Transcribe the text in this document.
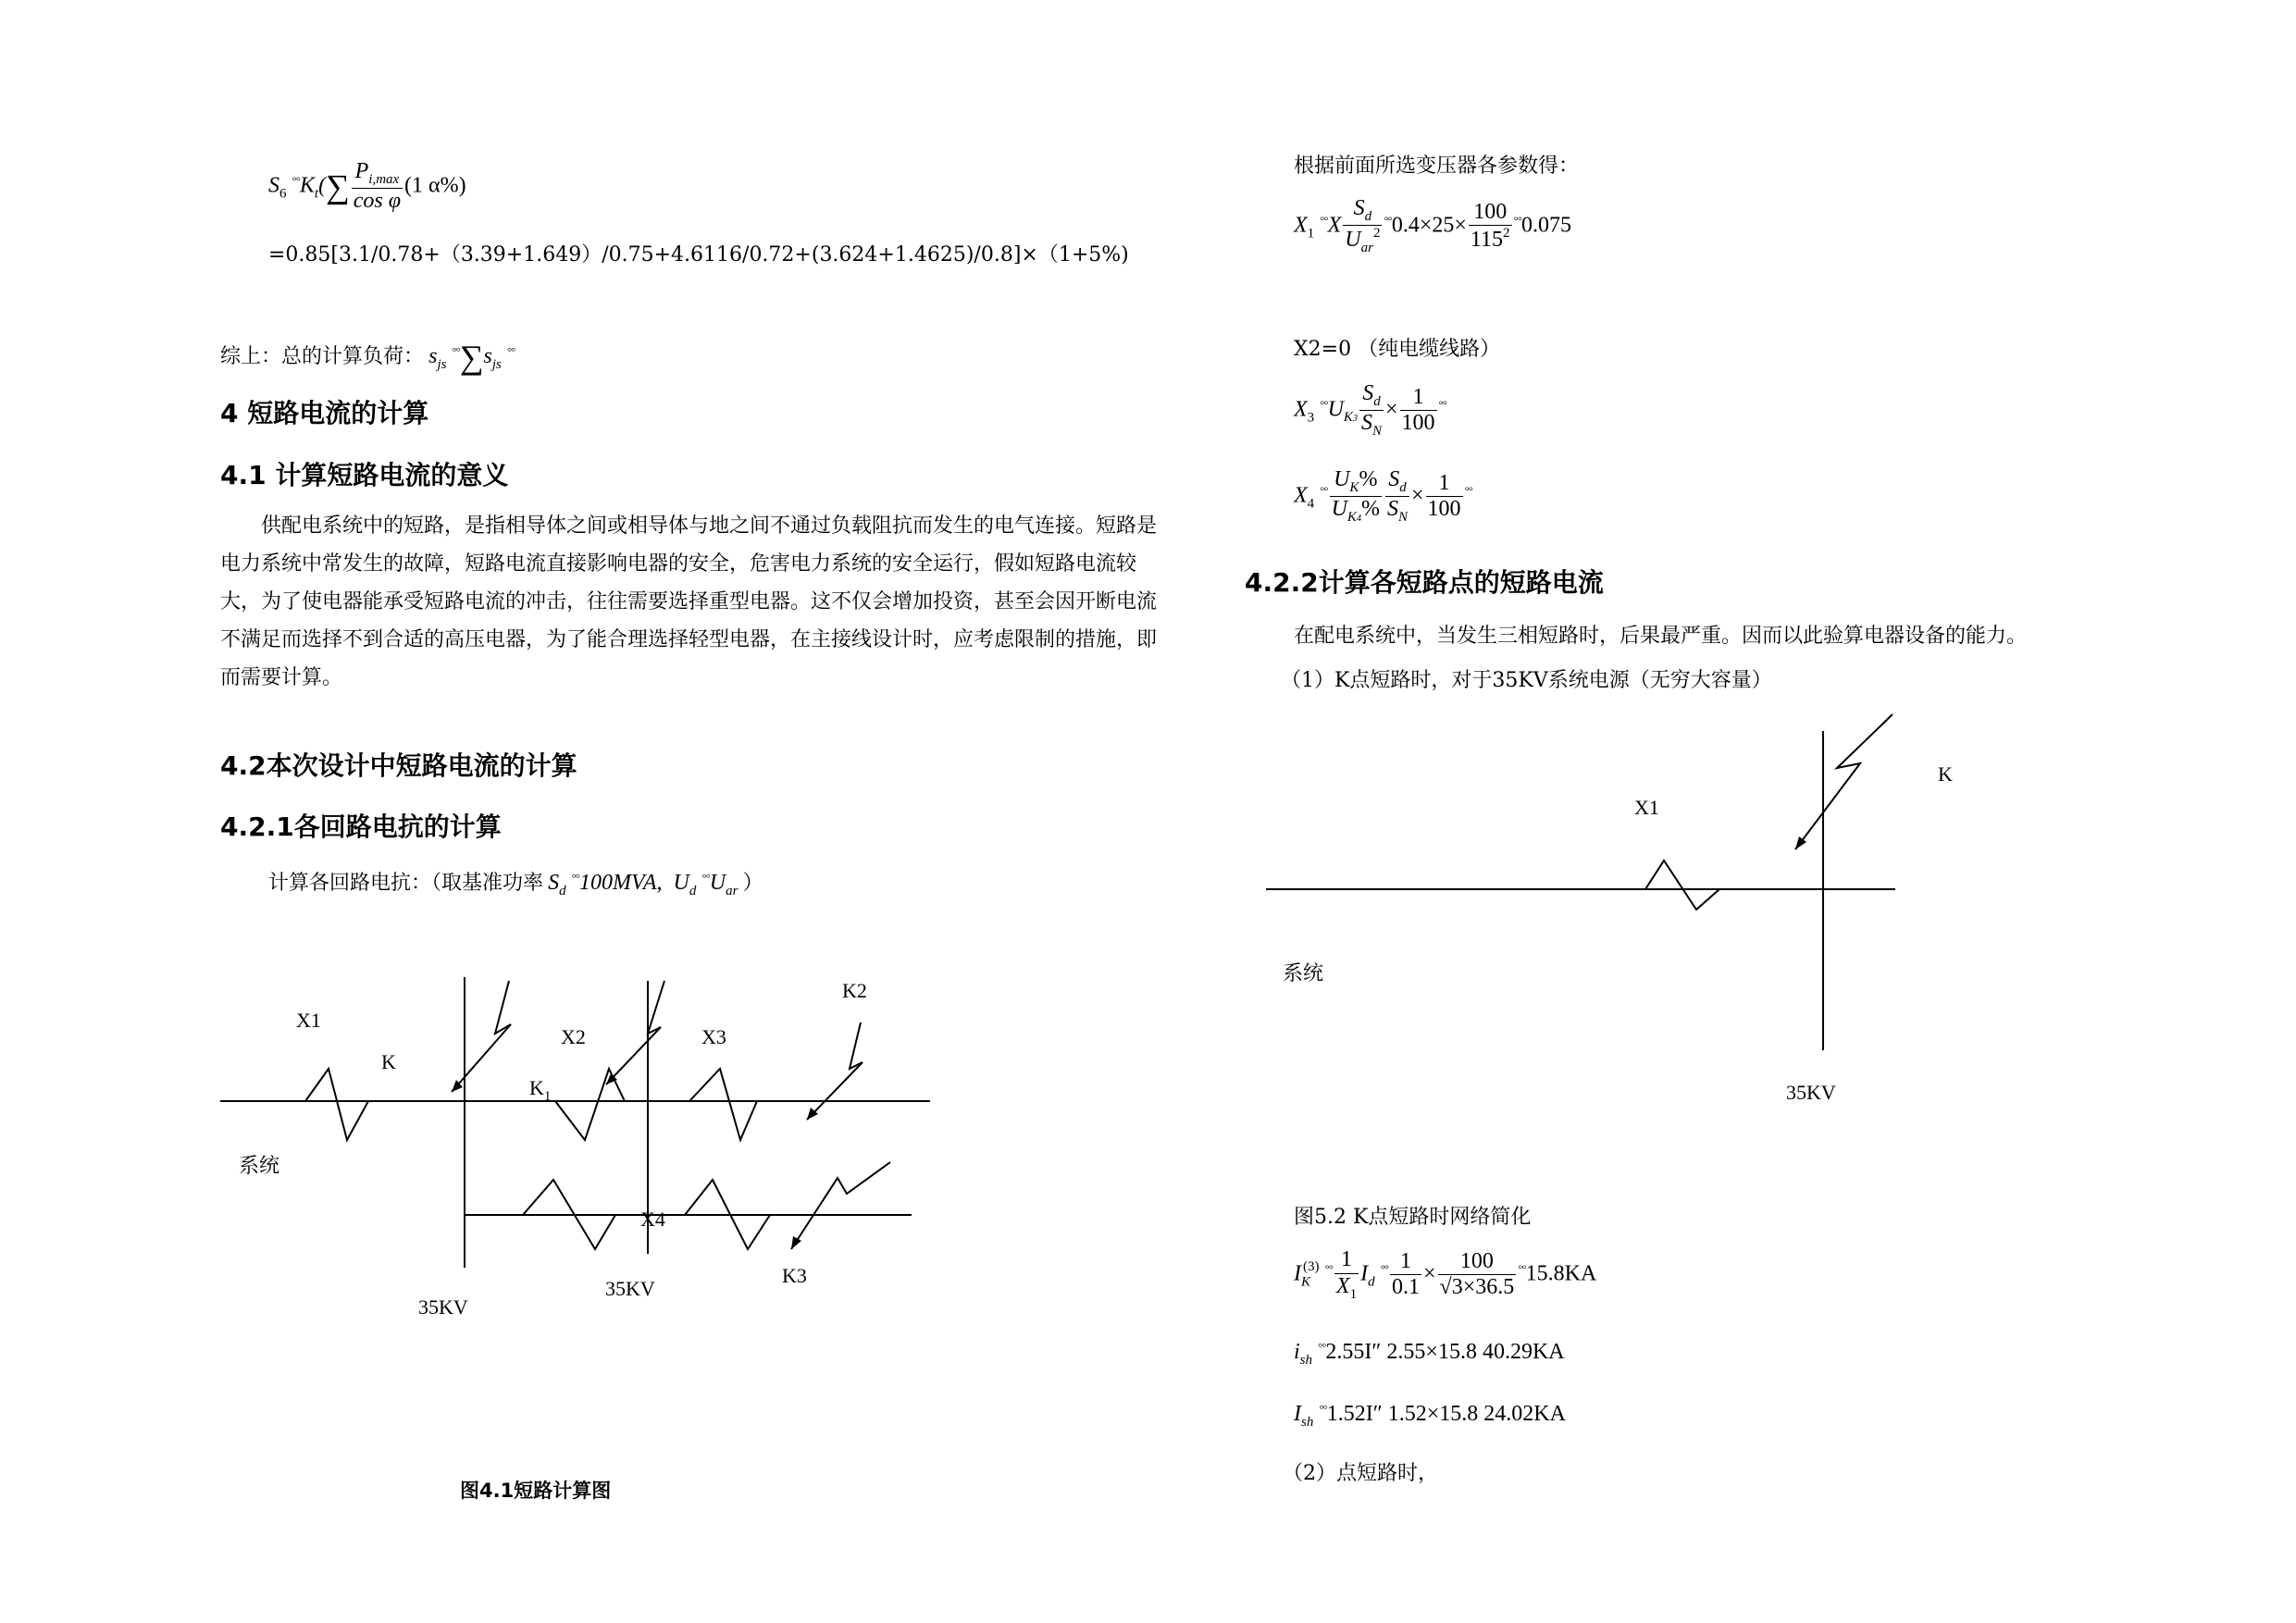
$S_6$ $^{^\circ^\circ}K_t(\sum \frac{P_{i,max}}{\text{cos φ}} (1$ α%)
=0.85[3.1/0.78+（3.39+1.649）/0.75+4.6116/0.72+(3.624+1.4625)/0.8]×（1+5%)
综上：总的计算负荷： $s_{js}$ $^{^\circ^\circ}\sum s_{js}$ °°
4 短路电流的计算
4.1 计算短路电流的意义
供配电系统中的短路，是指相导体之间或相导体与地之间不通过负载阻抗而发生的电气连接。短路是电力系统中常发生的故障，短路电流直接影响电器的安全，危害电力系统的安全运行，假如短路电流较大，为了使电器能承受短路电流的冲击，往往需要选择重型电器。这不仅会增加投资，甚至会因开断电流不满足而选择不到合适的高压电器，为了能合理选择轻型电器，在主接线设计时，应考虑限制的措施，即而需要计算。
4.2本次设计中短路电流的计算
4.2.1各回路电抗的计算
计算各回路电抗：（取基准功率 $S_d$ °°100MVA,  $U_d$ $^{^\circ^\circ}U_{ar}$ ）
X1
K
X2
$K_1$
X3
K2
X4
K3
系统
35KV
35KV
图4.1短路计算图
根据前面所选变压器各参数得：
$X_1$ $^{^\circ^\circ}X \frac{S_d}{U_{ar}^2} ^{^\circ^\circ}0.4\times 25\times \frac{100}{115^2} ^{^\circ^\circ}0.075$
X2=0 （纯电缆线路）
$X_3$ $^{^\circ^\circ}U_{K3} \frac{S_d}{S_N} \times \frac{1}{100} ^{^\circ^\circ}$
$X_4$ $^{^\circ^\circ} \frac{U_K\%}{U_{K4}\%} \frac{S_d}{S_N} \times \frac{1}{100} ^{^\circ^\circ}$
4.2.2计算各短路点的短路电流
在配电系统中，当发生三相短路时，后果最严重。因而以此验算电器设备的能力。
（1）K点短路时，对于35KV系统电源（无穷大容量）
K
X1
系统
35KV
图5.2 K点短路时网络简化
$I_K^{(3)}$ $^{^\circ^\circ} \frac{1}{X_1} I_d$ $^{^\circ^\circ} \frac{1}{0.1} \times \frac{100}{√3\times 36.5} ^{^\circ^\circ}15.8KA$
$i_{sh}$ °°2.55I″ 2.55×15.8 40.29KA
$I_{sh}$ °°1.52I″ 1.52×15.8 24.02KA
（2）点短路时，
